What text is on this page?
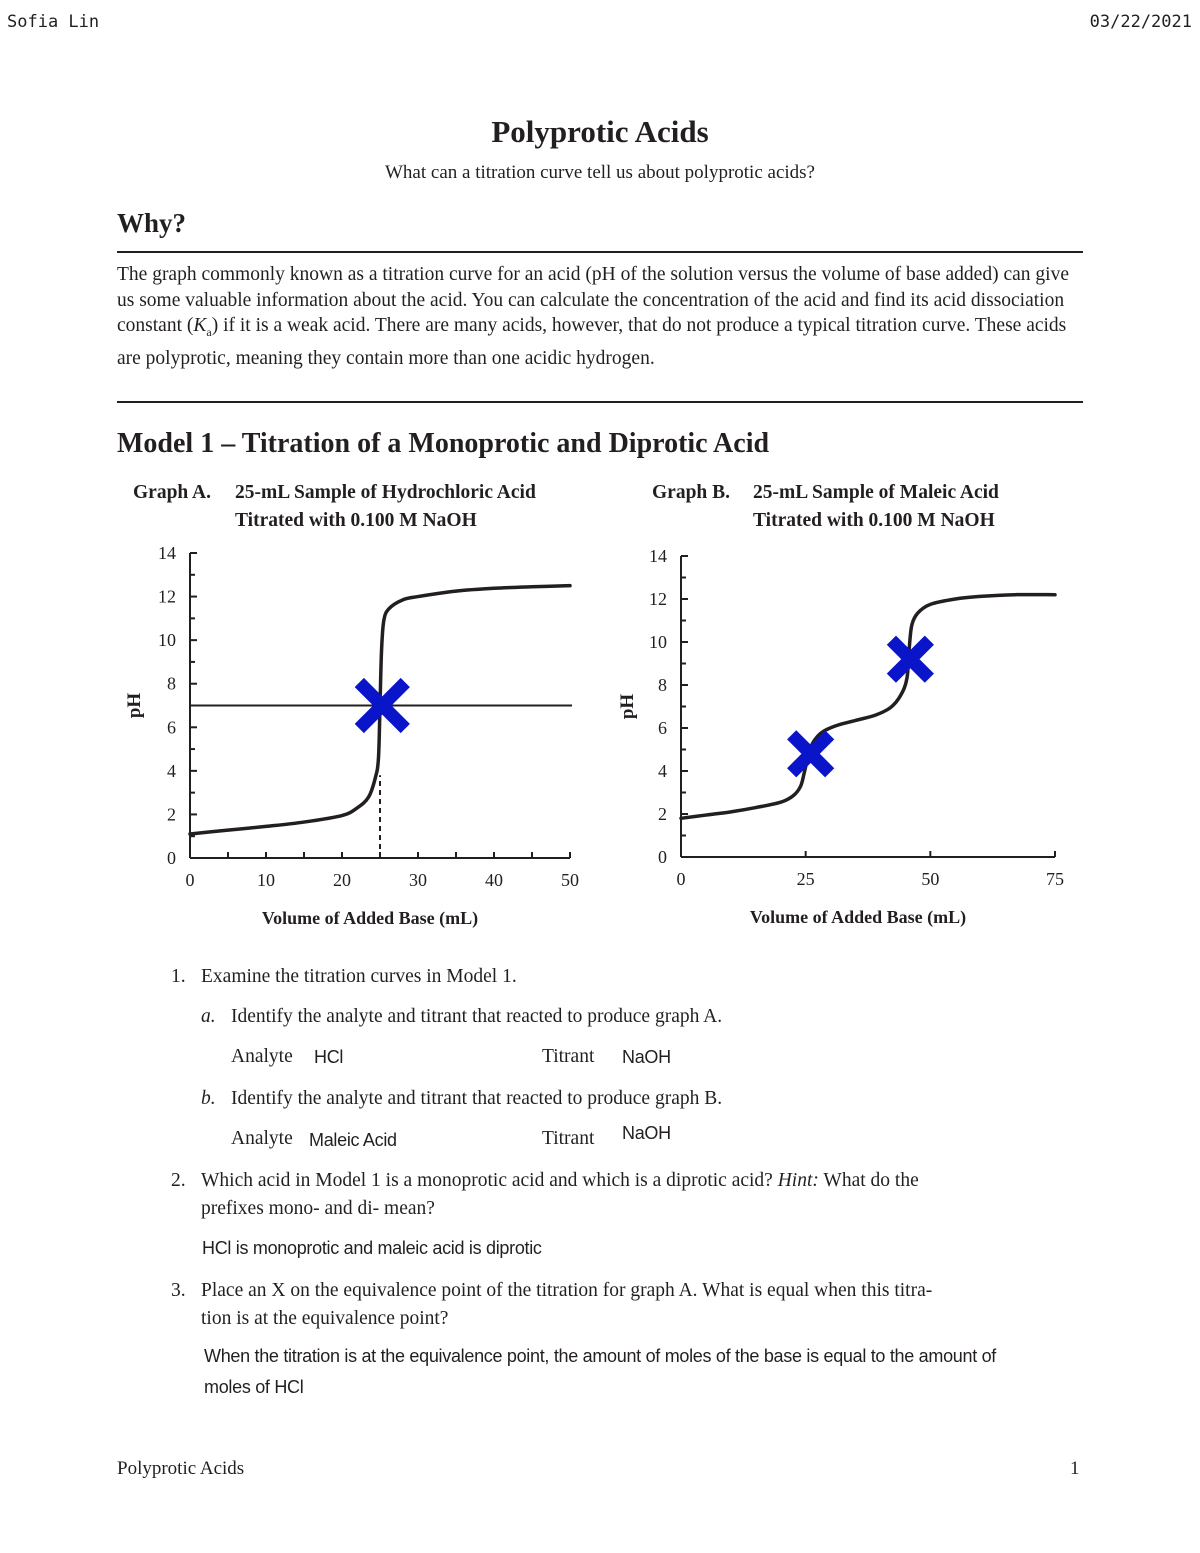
Sofia Lin	03/22/2021
Polyprotic Acids
What can a titration curve tell us about polyprotic acids?
Why?
The graph commonly known as a titration curve for an acid (pH of the solution versus the volume of base added) can give us some valuable information about the acid. You can calculate the concentration of the acid and find its acid dissociation constant $(K_a)$ if it is a weak acid. There are many acids, however, that do not produce a typical titration curve. These acids are polyprotic, meaning they contain more than one acidic hydrogen.
Model 1 – Titration of a Monoprotic and Diprotic Acid
Graph A. 25-mL Sample of Hydrochloric Acid
Titrated with 0.100 M NaOH
Graph B. 25-mL Sample of Maleic Acid
Titrated with 0.100 M NaOH
0
2
4
6
8
10
12
14
0	10	20	30	40	50
Volume of Added Base (mL)
pH
0
2
4
6
8
10
12
14
0	25	50	75
Volume of Added Base (mL)
pH
1. Examine the titration curves in Model 1.
a. Identify the analyte and titrant that reacted to produce graph A.
Analyte HCl	Titrant NaOH
b. Identify the analyte and titrant that reacted to produce graph B.
Analyte Maleic Acid	Titrant NaOH
2. Which acid in Model 1 is a monoprotic acid and which is a diprotic acid? Hint: What do the
prefixes mono- and di- mean?
HCl is monoprotic and maleic acid is diprotic
3. Place an X on the equivalence point of the titration for graph A. What is equal when this titra-
tion is at the equivalence point?
When the titration is at the equivalence point, the amount of moles of the base is equal to the amount of
moles of HCl
Polyprotic Acids	1
